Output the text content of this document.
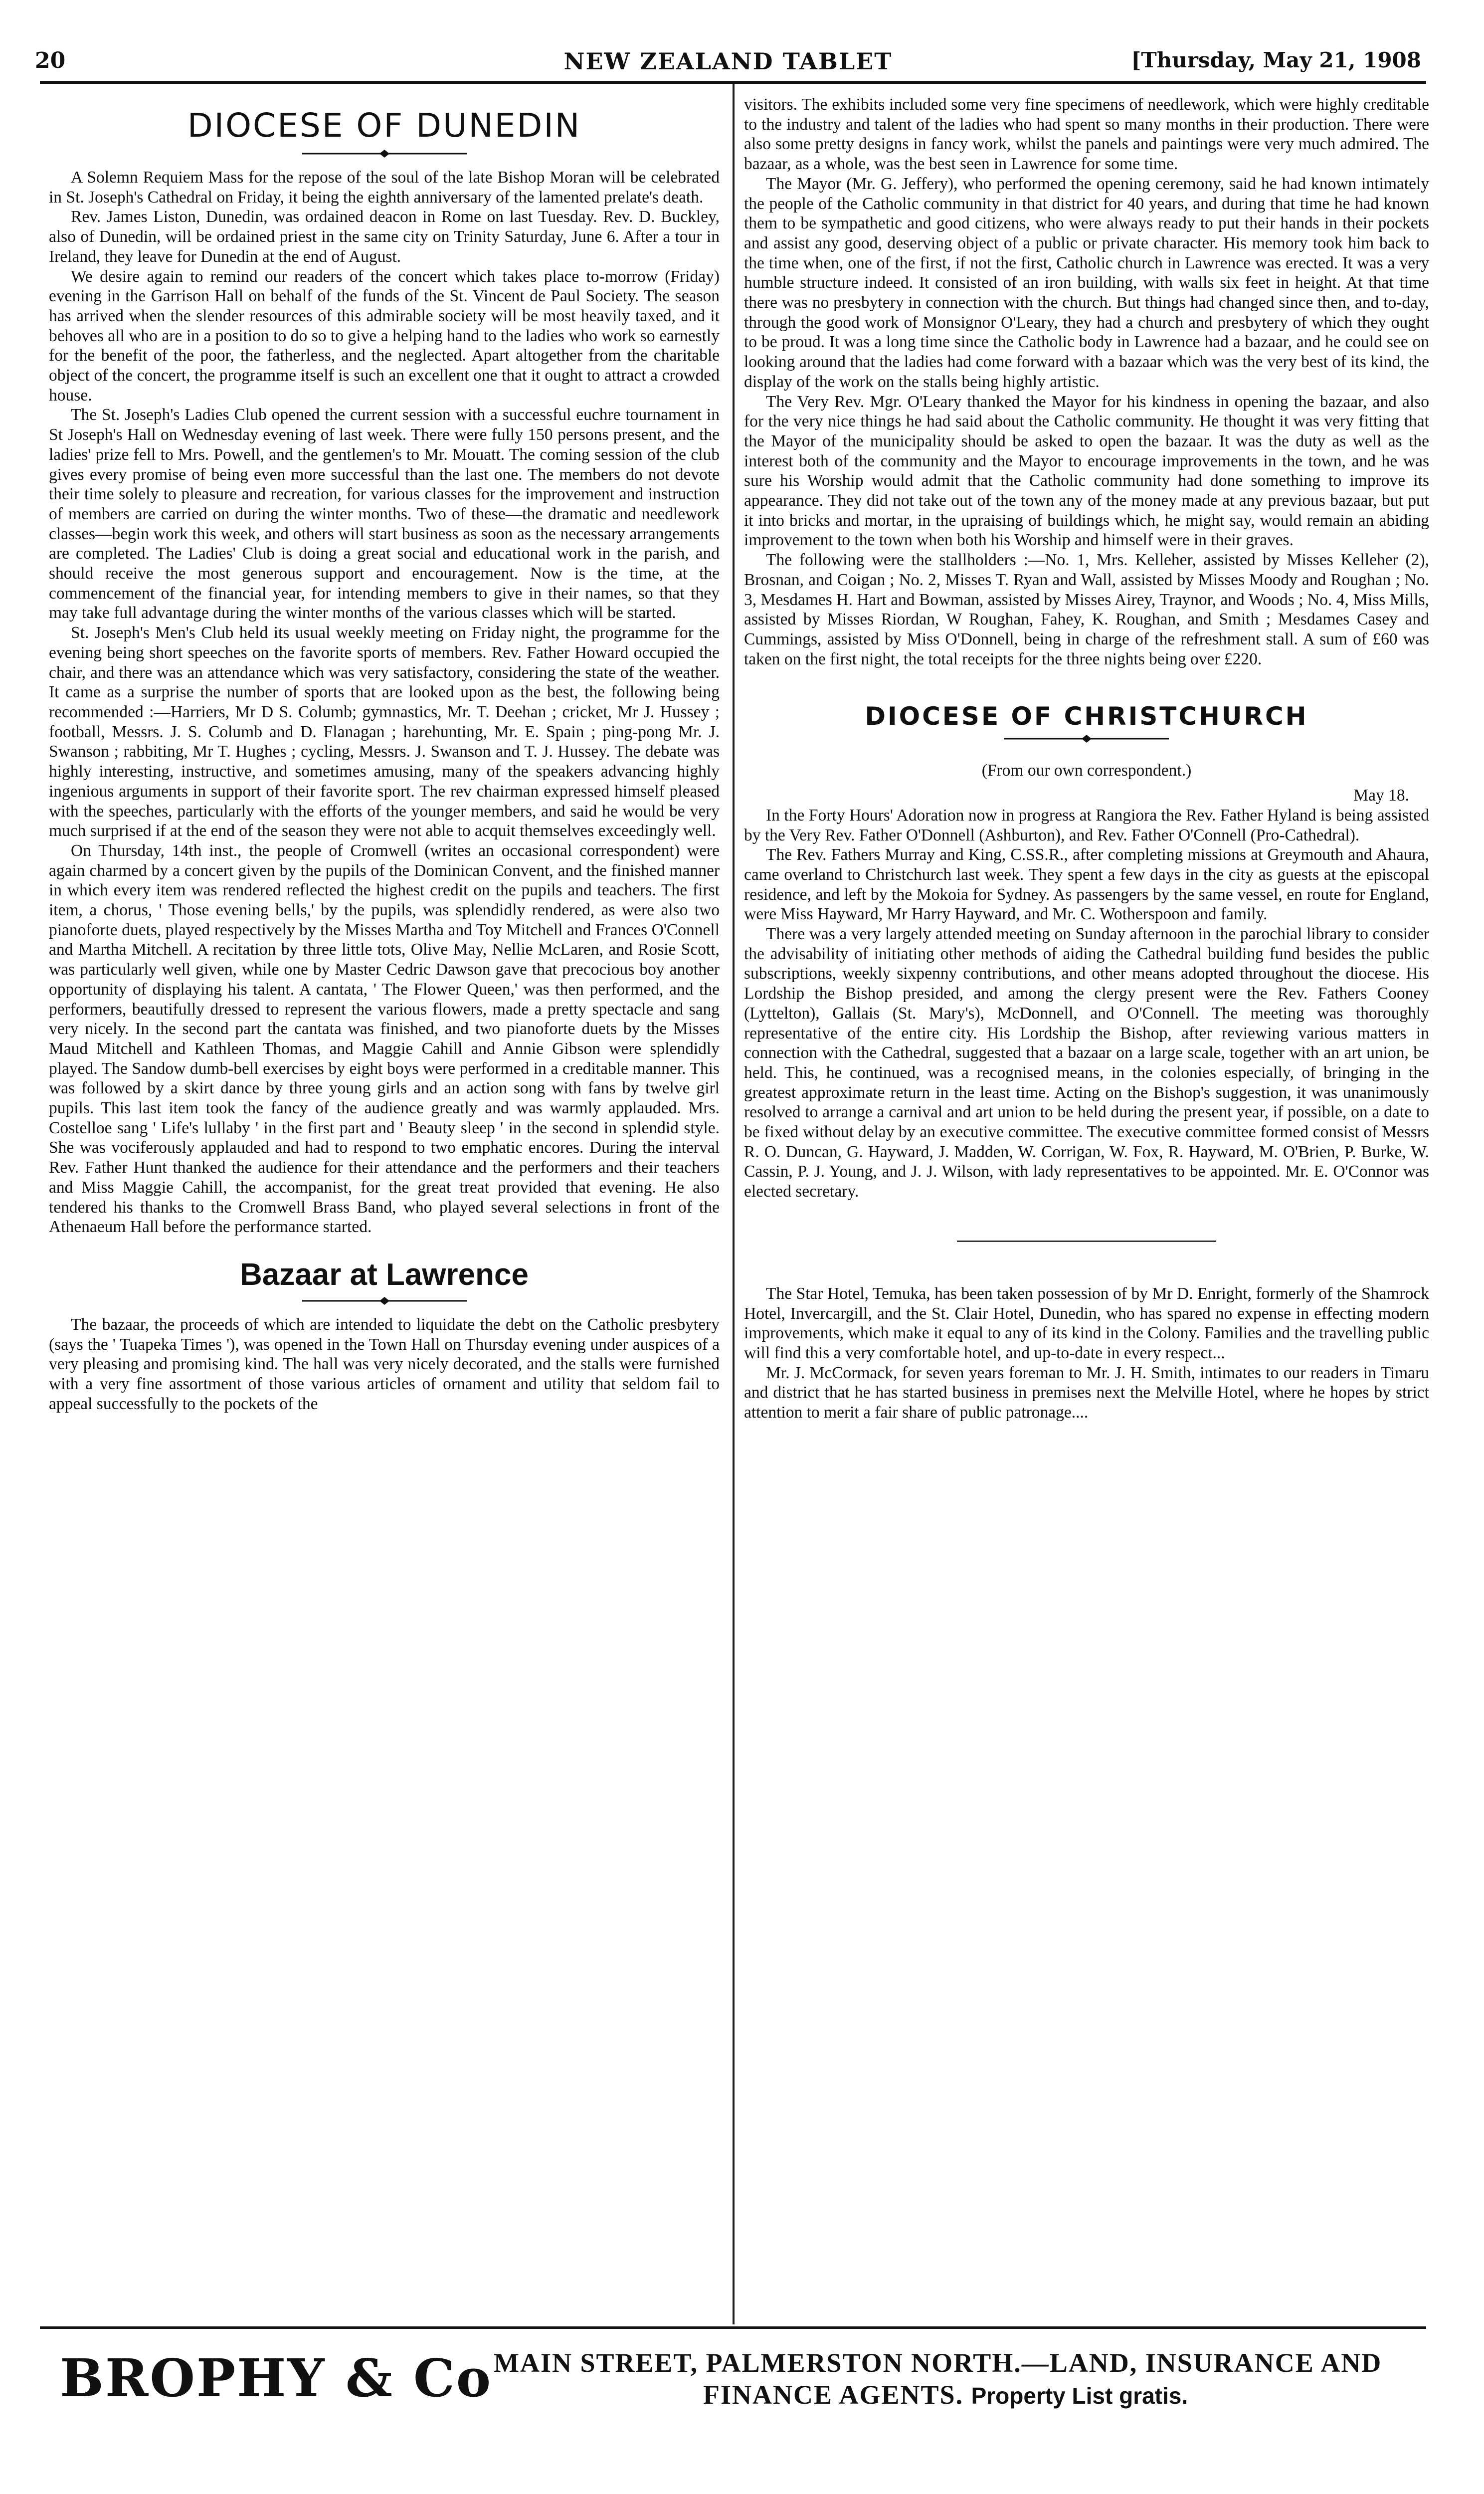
20	NEW ZEALAND TABLET	[Thursday, May 21, 1908
DIOCESE OF DUNEDIN

A Solemn Requiem Mass for the repose of the soul of the late Bishop Moran will be celebrated in St. Joseph's Cathedral on Friday, it being the eighth anniversary of the lamented prelate's death.

Rev. James Liston, Dunedin, was ordained deacon in Rome on last Tuesday. Rev. D. Buckley, also of Dunedin, will be ordained priest in the same city on Trinity Saturday, June 6. After a tour in Ireland, they leave for Dunedin at the end of August.

We desire again to remind our readers of the concert which takes place to-morrow (Friday) evening in the Garrison Hall on behalf of the funds of the St. Vincent de Paul Society. The season has arrived when the slender resources of this admirable society will be most heavily taxed, and it behoves all who are in a position to do so to give a helping hand to the ladies who work so earnestly for the benefit of the poor, the fatherless, and the neglected. Apart altogether from the charitable object of the concert, the programme itself is such an excellent one that it ought to attract a crowded house.

The St. Joseph's Ladies Club opened the current session with a successful euchre tournament in St Joseph's Hall on Wednesday evening of last week. There were fully 150 persons present, and the ladies' prize fell to Mrs. Powell, and the gentlemen's to Mr. Mouatt. The coming session of the club gives every promise of being even more successful than the last one. The members do not devote their time solely to pleasure and recreation, for various classes for the improvement and instruction of members are carried on during the winter months. Two of these—the dramatic and needlework classes—begin work this week, and others will start business as soon as the necessary arrangements are completed. The Ladies' Club is doing a great social and educational work in the parish, and should receive the most generous support and encouragement. Now is the time, at the commencement of the financial year, for intending members to give in their names, so that they may take full advantage during the winter months of the various classes which will be started.

St. Joseph's Men's Club held its usual weekly meeting on Friday night, the programme for the evening being short speeches on the favorite sports of members. Rev. Father Howard occupied the chair, and there was an attendance which was very satisfactory, considering the state of the weather. It came as a surprise the number of sports that are looked upon as the best, the following being recommended :—Harriers, Mr D S. Columb; gymnastics, Mr. T. Deehan ; cricket, Mr J. Hussey ; football, Messrs. J. S. Columb and D. Flanagan ; harehunting, Mr. E. Spain ; ping-pong Mr. J. Swanson ; rabbiting, Mr T. Hughes ; cycling, Messrs. J. Swanson and T. J. Hussey. The debate was highly interesting, instructive, and sometimes amusing, many of the speakers advancing highly ingenious arguments in support of their favorite sport. The rev chairman expressed himself pleased with the speeches, particularly with the efforts of the younger members, and said he would be very much surprised if at the end of the season they were not able to acquit themselves exceedingly well.

On Thursday, 14th inst., the people of Cromwell (writes an occasional correspondent) were again charmed by a concert given by the pupils of the Dominican Convent, and the finished manner in which every item was rendered reflected the highest credit on the pupils and teachers. The first item, a chorus, ' Those evening bells,' by the pupils, was splendidly rendered, as were also two pianoforte duets, played respectively by the Misses Martha and Toy Mitchell and Frances O'Connell and Martha Mitchell. A recitation by three little tots, Olive May, Nellie McLaren, and Rosie Scott, was particularly well given, while one by Master Cedric Dawson gave that precocious boy another opportunity of displaying his talent. A cantata, ' The Flower Queen,' was then performed, and the performers, beautifully dressed to represent the various flowers, made a pretty spectacle and sang very nicely. In the second part the cantata was finished, and two pianoforte duets by the Misses Maud Mitchell and Kathleen Thomas, and Maggie Cahill and Annie Gibson were splendidly played. The Sandow dumb-bell exercises by eight boys were performed in a creditable manner. This was followed by a skirt dance by three young girls and an action song with fans by twelve girl pupils. This last item took the fancy of the audience greatly and was warmly applauded. Mrs. Costelloe sang ' Life's lullaby ' in the first part and ' Beauty sleep ' in the second in splendid style. She was vociferously applauded and had to respond to two emphatic encores. During the interval Rev. Father Hunt thanked the audience for their attendance and the performers and their teachers and Miss Maggie Cahill, the accompanist, for the great treat provided that evening. He also tendered his thanks to the Cromwell Brass Band, who played several selections in front of the Athenaeum Hall before the performance started.

Bazaar at Lawrence

The bazaar, the proceeds of which are intended to liquidate the debt on the Catholic presbytery (says the ' Tuapeka Times '), was opened in the Town Hall on Thursday evening under auspices of a very pleasing and promising kind. The hall was very nicely decorated, and the stalls were furnished with a very fine assortment of those various articles of ornament and utility that seldom fail to appeal successfully to the pockets of the

visitors. The exhibits included some very fine specimens of needlework, which were highly creditable to the industry and talent of the ladies who had spent so many months in their production. There were also some pretty designs in fancy work, whilst the panels and paintings were very much admired. The bazaar, as a whole, was the best seen in Lawrence for some time.

The Mayor (Mr. G. Jeffery), who performed the opening ceremony, said he had known intimately the people of the Catholic community in that district for 40 years, and during that time he had known them to be sympathetic and good citizens, who were always ready to put their hands in their pockets and assist any good, deserving object of a public or private character. His memory took him back to the time when, one of the first, if not the first, Catholic church in Lawrence was erected. It was a very humble structure indeed. It consisted of an iron building, with walls six feet in height. At that time there was no presbytery in connection with the church. But things had changed since then, and to-day, through the good work of Monsignor O'Leary, they had a church and presbytery of which they ought to be proud. It was a long time since the Catholic body in Lawrence had a bazaar, and he could see on looking around that the ladies had come forward with a bazaar which was the very best of its kind, the display of the work on the stalls being highly artistic.

The Very Rev. Mgr. O'Leary thanked the Mayor for his kindness in opening the bazaar, and also for the very nice things he had said about the Catholic community. He thought it was very fitting that the Mayor of the municipality should be asked to open the bazaar. It was the duty as well as the interest both of the community and the Mayor to encourage improvements in the town, and he was sure his Worship would admit that the Catholic community had done something to improve its appearance. They did not take out of the town any of the money made at any previous bazaar, but put it into bricks and mortar, in the upraising of buildings which, he might say, would remain an abiding improvement to the town when both his Worship and himself were in their graves.

The following were the stallholders :—No. 1, Mrs. Kelleher, assisted by Misses Kelleher (2), Brosnan, and Coigan ; No. 2, Misses T. Ryan and Wall, assisted by Misses Moody and Roughan ; No. 3, Mesdames H. Hart and Bowman, assisted by Misses Airey, Traynor, and Woods ; No. 4, Miss Mills, assisted by Misses Riordan, W Roughan, Fahey, K. Roughan, and Smith ; Mesdames Casey and Cummings, assisted by Miss O'Donnell, being in charge of the refreshment stall. A sum of £60 was taken on the first night, the total receipts for the three nights being over £220.

DIOCESE OF CHRISTCHURCH

(From our own correspondent.)

May 18.

In the Forty Hours' Adoration now in progress at Rangiora the Rev. Father Hyland is being assisted by the Very Rev. Father O'Donnell (Ashburton), and Rev. Father O'Connell (Pro-Cathedral).

The Rev. Fathers Murray and King, C.SS.R., after completing missions at Greymouth and Ahaura, came overland to Christchurch last week. They spent a few days in the city as guests at the episcopal residence, and left by the Mokoia for Sydney. As passengers by the same vessel, en route for England, were Miss Hayward, Mr Harry Hayward, and Mr. C. Wotherspoon and family.

There was a very largely attended meeting on Sunday afternoon in the parochial library to consider the advisability of initiating other methods of aiding the Cathedral building fund besides the public subscriptions, weekly sixpenny contributions, and other means adopted throughout the diocese. His Lordship the Bishop presided, and among the clergy present were the Rev. Fathers Cooney (Lyttelton), Gallais (St. Mary's), McDonnell, and O'Connell. The meeting was thoroughly representative of the entire city. His Lordship the Bishop, after reviewing various matters in connection with the Cathedral, suggested that a bazaar on a large scale, together with an art union, be held. This, he continued, was a recognised means, in the colonies especially, of bringing in the greatest approximate return in the least time. Acting on the Bishop's suggestion, it was unanimously resolved to arrange a carnival and art union to be held during the present year, if possible, on a date to be fixed without delay by an executive committee. The executive committee formed consist of Messrs R. O. Duncan, G. Hayward, J. Madden, W. Corrigan, W. Fox, R. Hayward, M. O'Brien, P. Burke, W. Cassin, P. J. Young, and J. J. Wilson, with lady representatives to be appointed. Mr. E. O'Connor was elected secretary.

The Star Hotel, Temuka, has been taken possession of by Mr D. Enright, formerly of the Shamrock Hotel, Invercargill, and the St. Clair Hotel, Dunedin, who has spared no expense in effecting modern improvements, which make it equal to any of its kind in the Colony. Families and the travelling public will find this a very comfortable hotel, and up-to-date in every respect...

Mr. J. McCormack, for seven years foreman to Mr. J. H. Smith, intimates to our readers in Timaru and district that he has started business in premises next the Melville Hotel, where he hopes by strict attention to merit a fair share of public patronage....

BROPHY & Co MAIN STREET, PALMERSTON NORTH.—LAND, INSURANCE AND
FINANCE AGENTS. Property List gratis.
